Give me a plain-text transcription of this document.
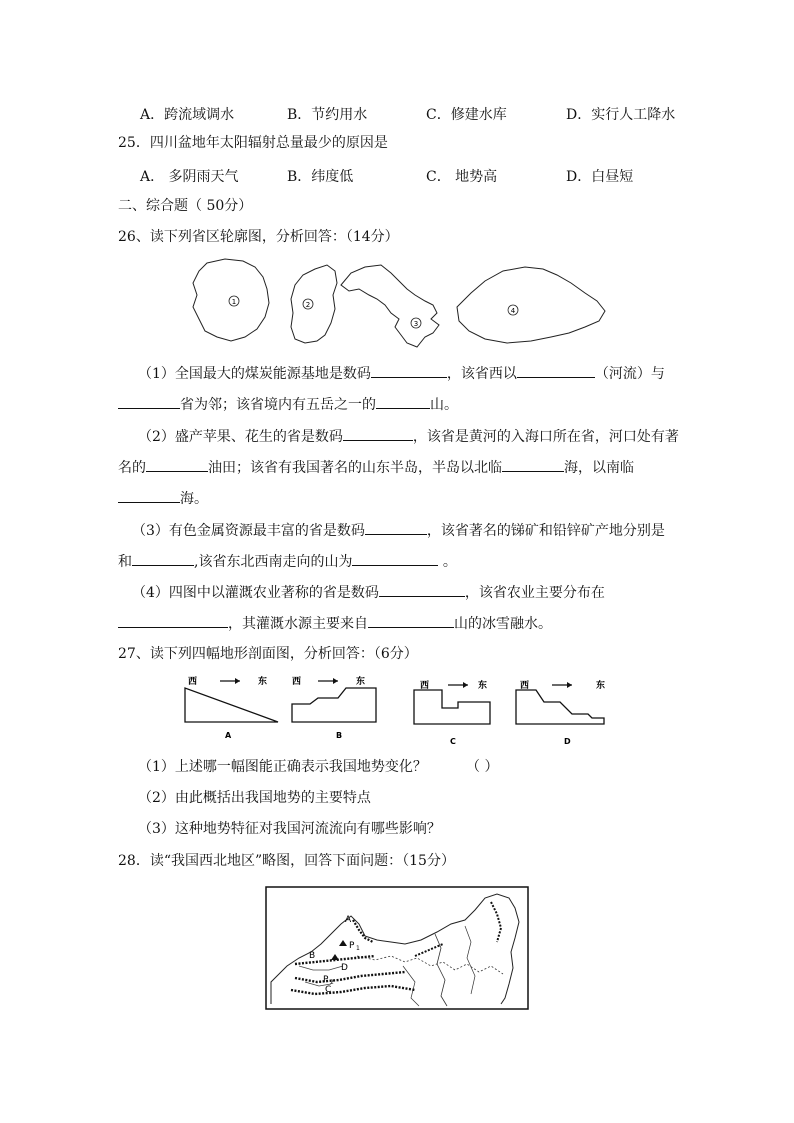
A．跨流域调水	B．节约用水	C．修建水库	D．实行人工降水
25．四川盆地年太阳辐射总量最少的原因是
A． 多阴雨天气	B．纬度低	C． 地势高	D．白昼短
二、综合题（ 50分）
26、读下列省区轮廓图，分析回答：（14分）
1	2
3
4
（1）全国最大的煤炭能源基地是数码	，该省西以	（河流）与
省为邻；该省境内有五岳之一的	山。
（2）盛产苹果、花生的省是数码	，该省是黄河的入海口所在省，河口处有著
名的	油田；该省有我国著名的山东半岛，半岛以北临	海，以南临
海。
（3）有色金属资源最丰富的省是数码	，该省著名的锑矿和铅锌矿产地分别是
和	,该省东北西南走向的山为	。
（4）四图中以灌溉农业著称的省是数码	，该省农业主要分布在
，其灌溉水源主要来自	山的冰雪融水。
27、读下列四幅地形剖面图，分析回答：（6分）
西	东
A
西	东
B
西	东
C
西	东
D
（1）上述哪一幅图能正确表示我国地势变化？	（ ）
（2）由此概括出我国地势的主要特点
（3）这种地势特征对我国河流流向有哪些影响？
28．读“我国西北地区”略图，回答下面问题：（15分）
A
B
P 1
D
P 2
C
